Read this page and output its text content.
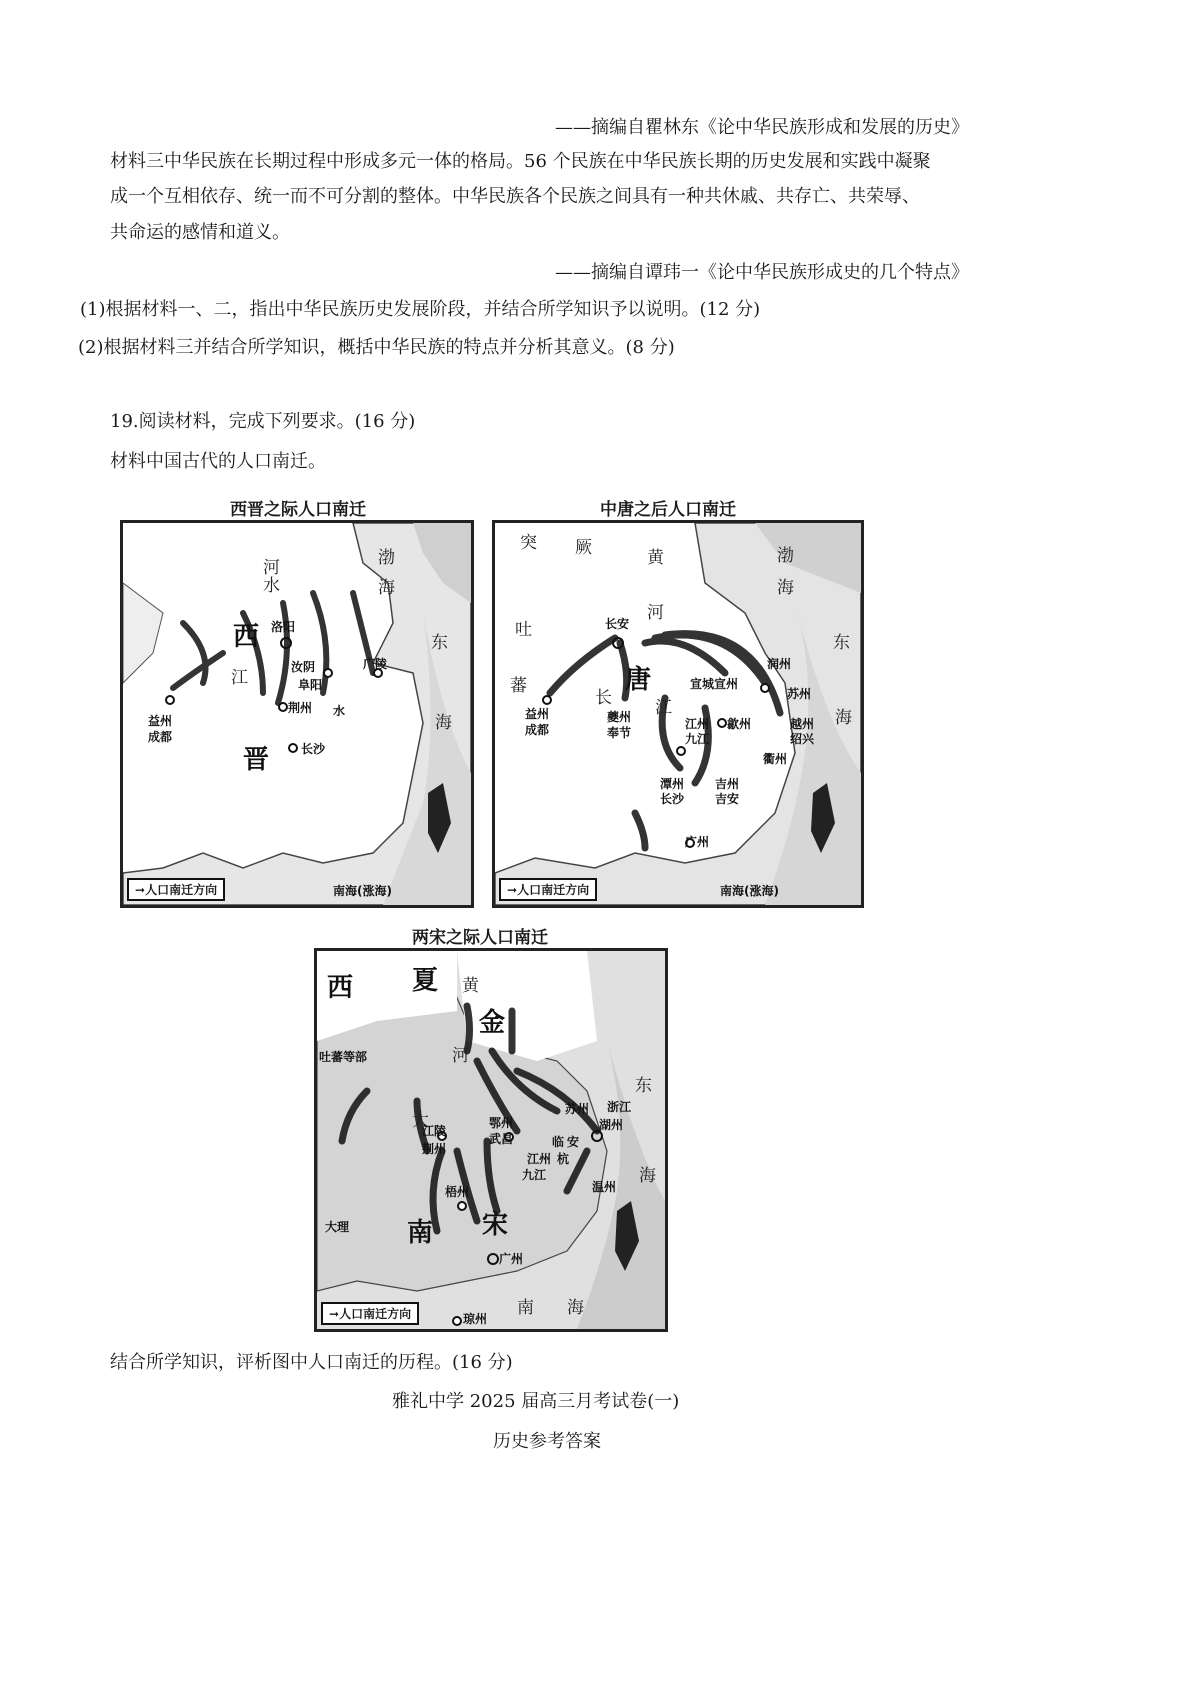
——摘编自瞿林东《论中华民族形成和发展的历史》
材料三中华民族在长期过程中形成多元一体的格局。56 个民族在中华民族长期的历史发展和实践中凝聚
成一个互相依存、统一而不可分割的整体。中华民族各个民族之间具有一种共休戚、共存亡、共荣辱、
共命运的感情和道义。
——摘编自谭玮一《论中华民族形成史的几个特点》
(1)根据材料一、二，指出中华民族历史发展阶段，并结合所学知识予以说明。(12 分)
(2)根据材料三并结合所学知识，概括中华民族的特点并分析其意义。(8 分)
19.阅读材料，完成下列要求。(16 分)
材料中国古代的人口南迁。
西晋之际人口南迁
西
晋
洛阳
汝阴
阜阳
广陵
荆州 水
益州
成都
长沙
江
河
水
渤
海
东
海
南海(涨海)
➞人口南迁方向
中唐之后人口南迁
突 厥	黄
河
吐
蕃
长安
唐
益州
成都
夔州
奉节
长	江
宣城宣州
润州
苏州
歙州	越州
绍兴
江州
九江
衢州
潭州
长沙
吉州
吉安
广州
渤
海
东
海
南海(涨海)
➞人口南迁方向
两宋之际人口南迁
西 夏
金
吐蕃等部
黄
河
大
江陵
荆州
鄂州
武昌
江州
九江
苏州
临 安
杭
湖州
浙 江
温州
南 宋
梧州
广州
琼州
大理
东
海
南 海
➞人口南迁方向
结合所学知识，评析图中人口南迁的历程。(16 分)
雅礼中学 2025 届高三月考试卷(一)
历史参考答案
